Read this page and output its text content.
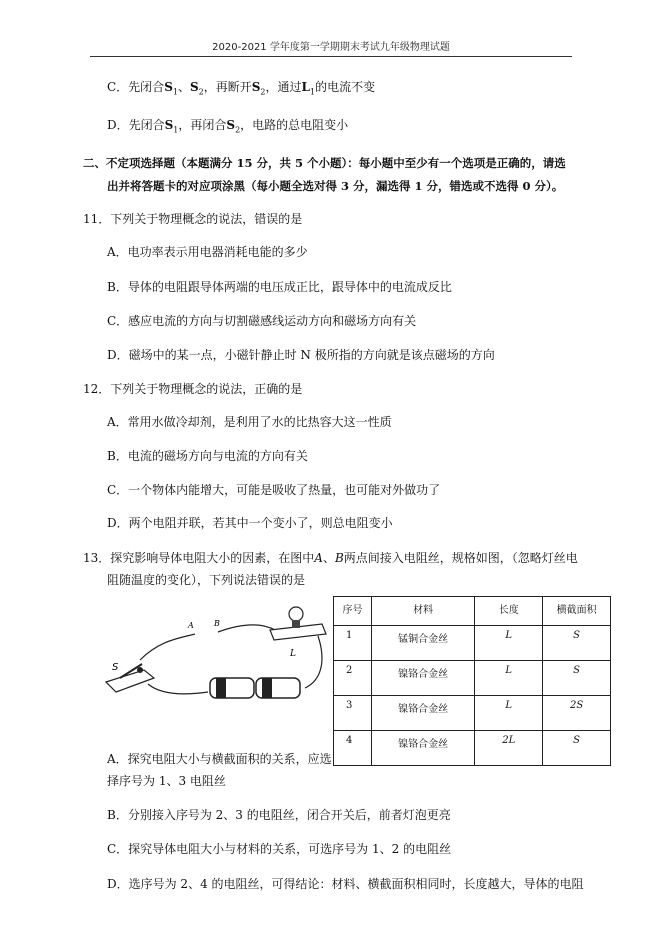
2020-2021 学年度第一学期期末考试九年级物理试题
C．先闭合$S_1$、$S_2$，再断开$S_2$，通过$L_1$的电流不变
D．先闭合$S_1$，再闭合$S_2$，电路的总电阻变小
二、不定项选择题（本题满分 15 分，共 5 个小题）：每小题中至少有一个选项是正确的，请选
出并将答题卡的对应项涂黑（每小题全选对得 3 分，漏选得 1 分，错选或不选得 0 分）。
11．下列关于物理概念的说法，错误的是
A．电功率表示用电器消耗电能的多少
B．导体的电阻跟导体两端的电压成正比，跟导体中的电流成反比
C．感应电流的方向与切割磁感线运动方向和磁场方向有关
D．磁场中的某一点，小磁针静止时 N 极所指的方向就是该点磁场的方向
12．下列关于物理概念的说法，正确的是
A．常用水做冷却剂，是利用了水的比热容大这一性质
B．电流的磁场方向与电流的方向有关
C．一个物体内能增大，可能是吸收了热量，也可能对外做功了
D．两个电阻并联，若其中一个变小了，则总电阻变小
13．探究影响导体电阻大小的因素，在图中A、B两点间接入电阻丝，规格如图，（忽略灯丝电
阻随温度的变化），下列说法错误的是
S
A	B
L
序号	材料	长度	横截面积
1	锰铜合金丝	L	S
2	镍铬合金丝	L	S
3	镍铬合金丝	L	2S
4	镍铬合金丝	2L	S
A．探究电阻大小与横截面积的关系，应选
择序号为 1、3 电阻丝
B．分别接入序号为 2、3 的电阻丝，闭合开关后，前者灯泡更亮
C．探究导体电阻大小与材料的关系，可选序号为 1、2 的电阻丝
D．选序号为 2、4 的电阻丝，可得结论：材料、横截面积相同时，长度越大，导体的电阻
